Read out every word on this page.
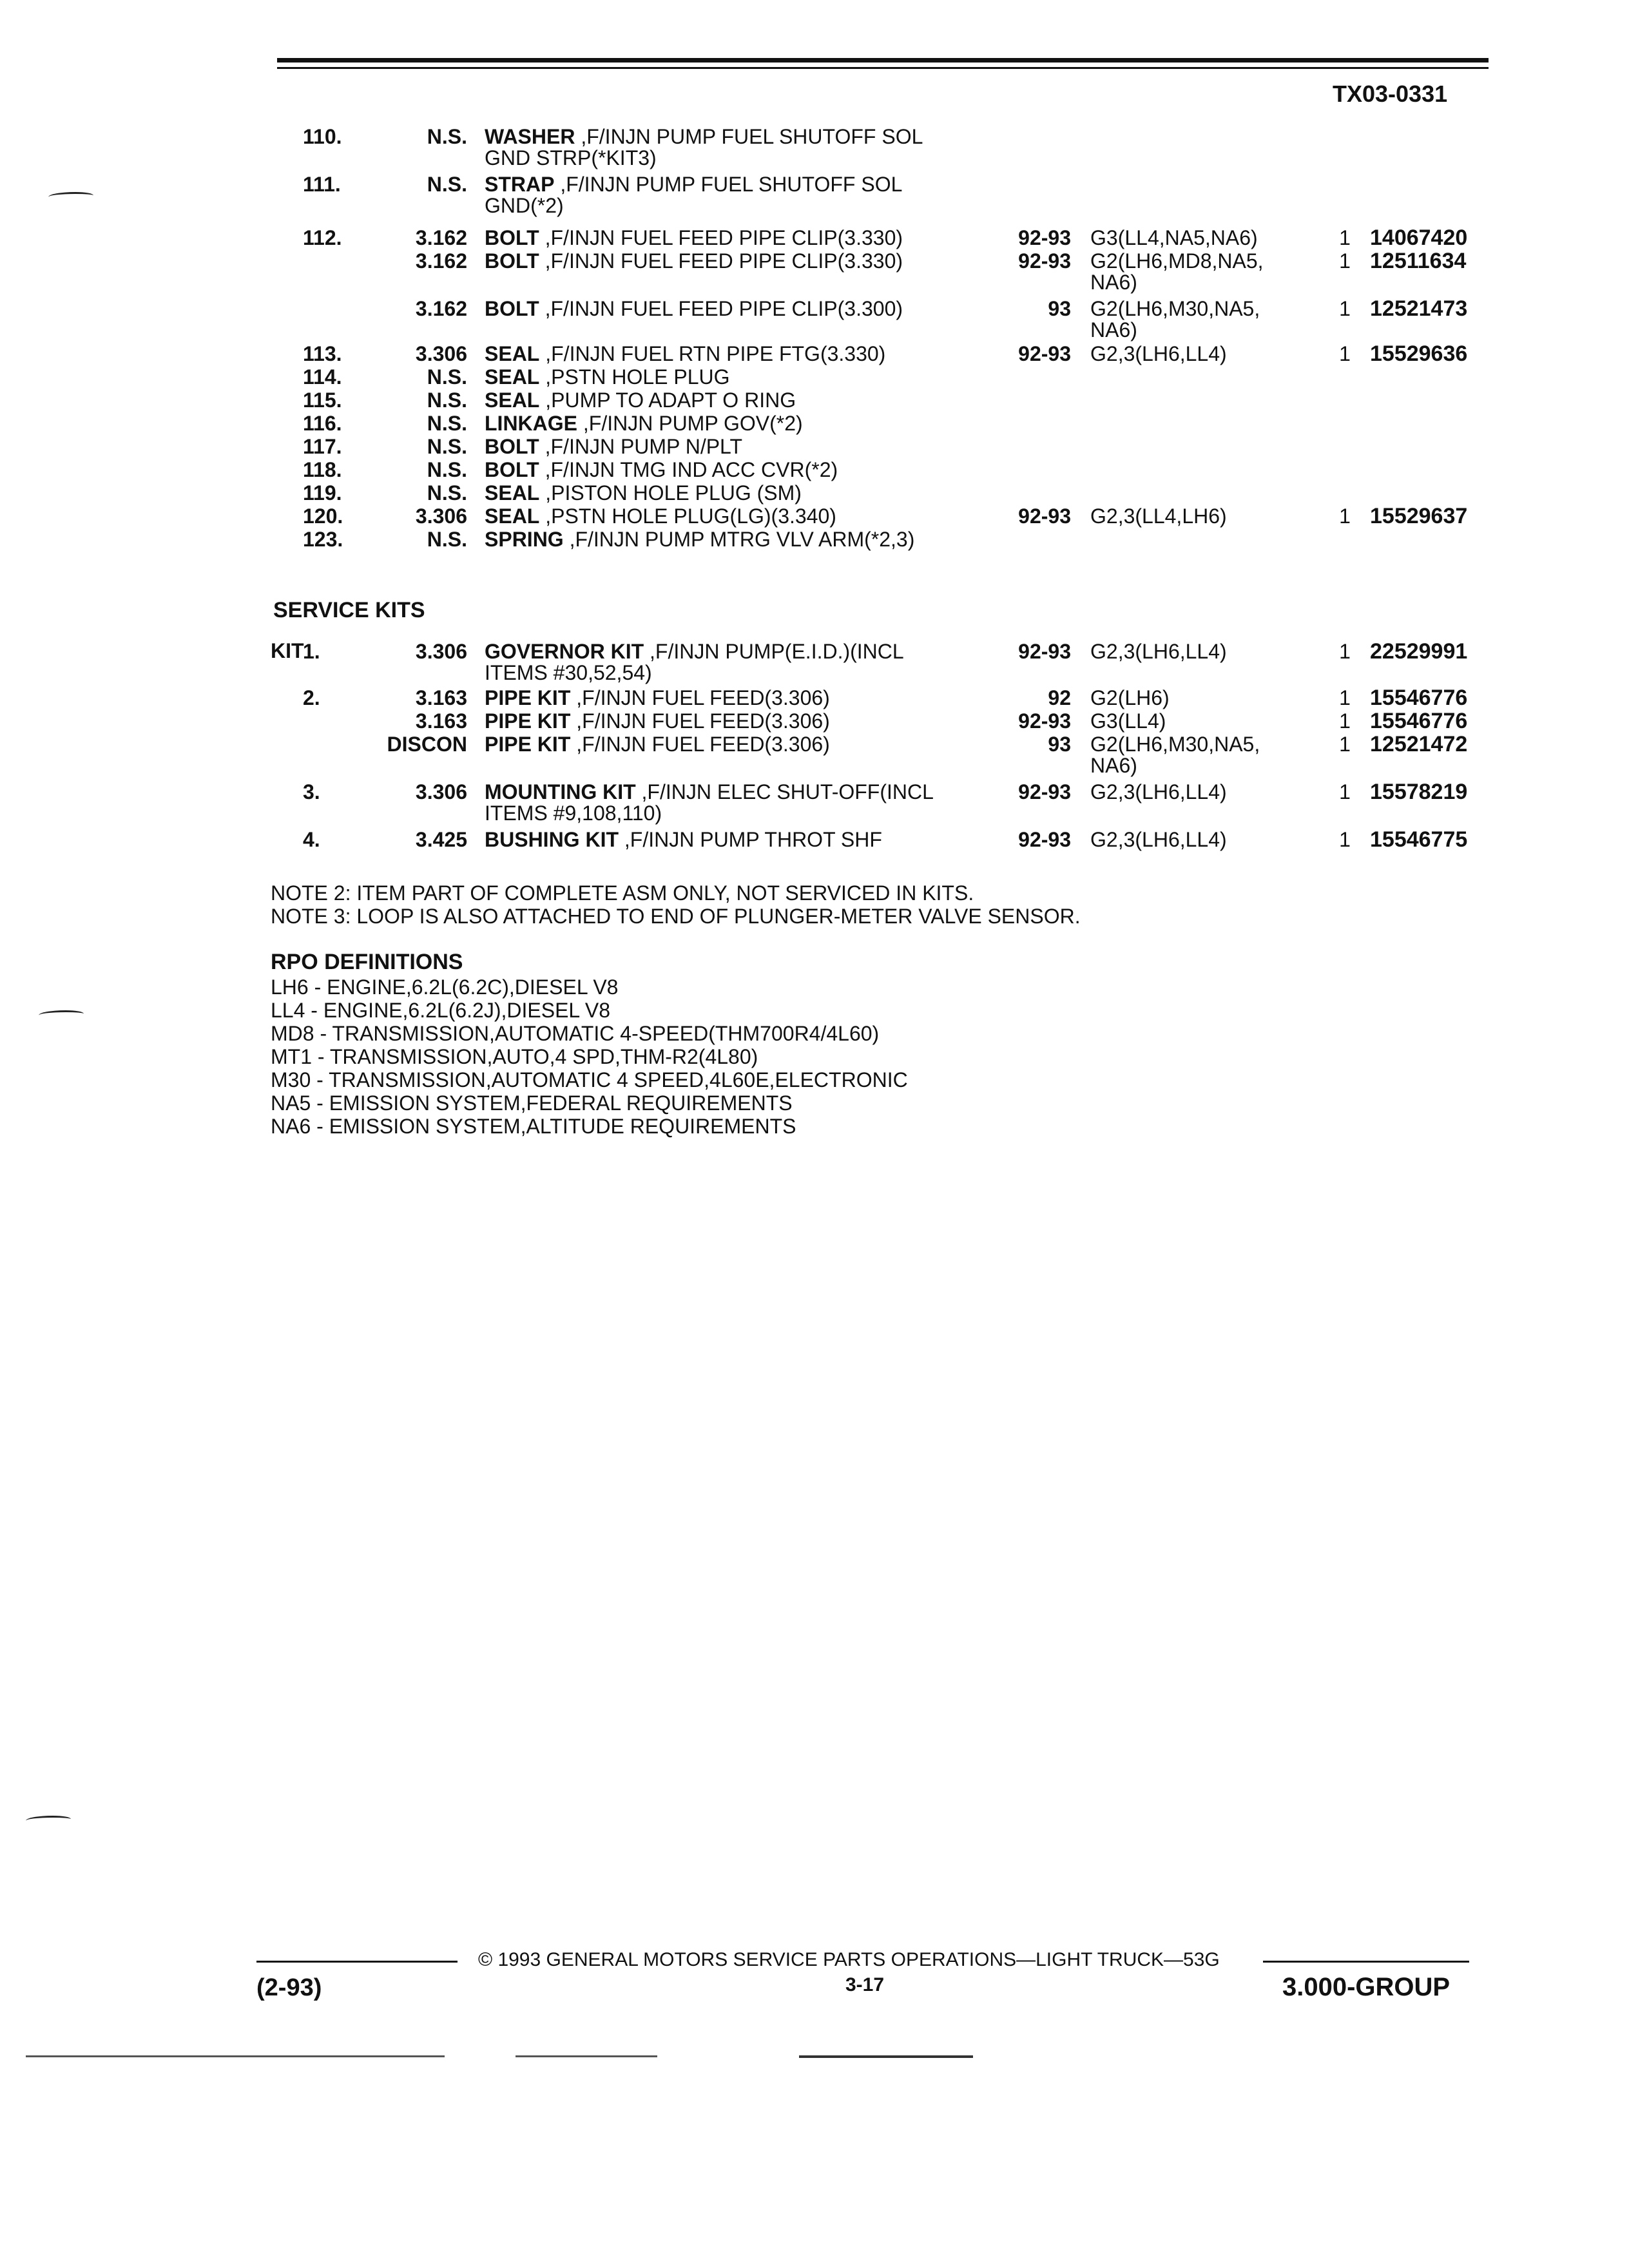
TX03-0331
110.	N.S. WASHER ,F/INJN PUMP FUEL SHUTOFF SOL
GND STRP(*KIT3)
111.	N.S. STRAP ,F/INJN PUMP FUEL SHUTOFF SOL
GND(*2)
112.	3.162 BOLT ,F/INJN FUEL FEED PIPE CLIP(3.330)	92-93 G3(LL4,NA5,NA6)	1 14067420
3.162 BOLT ,F/INJN FUEL FEED PIPE CLIP(3.330)	92-93 G2(LH6,MD8,NA5,	1 12511634
NA6)
3.162 BOLT ,F/INJN FUEL FEED PIPE CLIP(3.300)	93 G2(LH6,M30,NA5,	1 12521473
NA6)
113.	3.306 SEAL ,F/INJN FUEL RTN PIPE FTG(3.330)	92-93 G2,3(LH6,LL4)	1 15529636
114.	N.S. SEAL ,PSTN HOLE PLUG
115.	N.S. SEAL ,PUMP TO ADAPT O RING
116.	N.S. LINKAGE ,F/INJN PUMP GOV(*2)
117.	N.S. BOLT ,F/INJN PUMP N/PLT
118.	N.S. BOLT ,F/INJN TMG IND ACC CVR(*2)
119.	N.S. SEAL ,PISTON HOLE PLUG (SM)
120.	3.306 SEAL ,PSTN HOLE PLUG(LG)(3.340)	92-93 G2,3(LL4,LH6)	1 15529637
123.	N.S. SPRING ,F/INJN PUMP MTRG VLV ARM(*2,3)
SERVICE KITS
KIT
1.	3.306 GOVERNOR KIT ,F/INJN PUMP(E.I.D.)(INCL	92-93 G2,3(LH6,LL4)	1 22529991
ITEMS #30,52,54)
2.	3.163 PIPE KIT ,F/INJN FUEL FEED(3.306)	92 G2(LH6)	1 15546776
3.163 PIPE KIT ,F/INJN FUEL FEED(3.306)	92-93 G3(LL4)	1 15546776
DISCON PIPE KIT ,F/INJN FUEL FEED(3.306)	93 G2(LH6,M30,NA5,	1 12521472
NA6)
3.	3.306 MOUNTING KIT ,F/INJN ELEC SHUT-OFF(INCL	92-93 G2,3(LH6,LL4)	1 15578219
ITEMS #9,108,110)
4.	3.425 BUSHING KIT ,F/INJN PUMP THROT SHF	92-93 G2,3(LH6,LL4)	1 15546775
NOTE 2: ITEM PART OF COMPLETE ASM ONLY, NOT SERVICED IN KITS.
NOTE 3: LOOP IS ALSO ATTACHED TO END OF PLUNGER-METER VALVE SENSOR.
RPO DEFINITIONS
LH6 - ENGINE,6.2L(6.2C),DIESEL V8
LL4 - ENGINE,6.2L(6.2J),DIESEL V8
MD8 - TRANSMISSION,AUTOMATIC 4-SPEED(THM700R4/4L60)
MT1 - TRANSMISSION,AUTO,4 SPD,THM-R2(4L80)
M30 - TRANSMISSION,AUTOMATIC 4 SPEED,4L60E,ELECTRONIC
NA5 - EMISSION SYSTEM,FEDERAL REQUIREMENTS
NA6 - EMISSION SYSTEM,ALTITUDE REQUIREMENTS
© 1993 GENERAL MOTORS SERVICE PARTS OPERATIONS—LIGHT TRUCK—53G
(2-93)	3-17	3.000-GROUP
